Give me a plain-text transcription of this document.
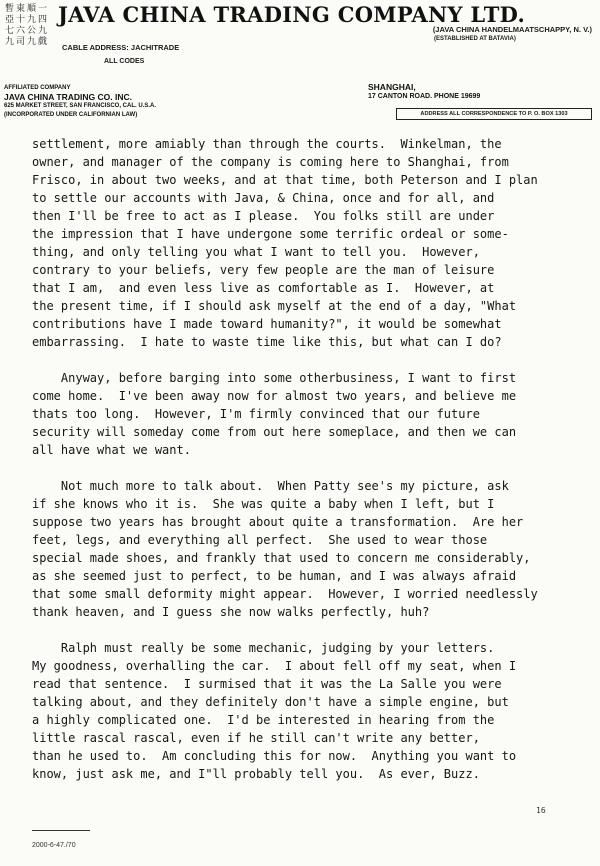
暫 東 順 一
亞 十 九 四
七 六 公 九
九 司 九 戲
JAVA CHINA TRADING COMPANY LTD.
(JAVA CHINA HANDELMAATSCHAPPY, N. V.)
(ESTABLISHED AT BATAVIA)
CABLE ADDRESS: JACHITRADE
ALL CODES
AFFILIATED COMPANY
JAVA CHINA TRADING CO. INC.
625 MARKET STREET, SAN FRANCISCO, CAL. U.S.A.
(INCORPORATED UNDER CALIFORNIAN LAW)
SHANGHAI,
17 CANTON ROAD. PHONE 19699
ADDRESS ALL CORRESPONDENCE TO P. O. BOX 1303
settlement, more amiably than through the courts.  Winkelman, the
owner, and manager of the company is coming here to Shanghai, from
Frisco, in about two weeks, and at that time, both Peterson and I plan
to settle our accounts with Java, & China, once and for all, and
then I'll be free to act as I please.  You folks still are under
the impression that I have undergone some terrific ordeal or some-
thing, and only telling you what I want to tell you.  However,
contrary to your beliefs, very few people are the man of leisure
that I am,  and even less live as comfortable as I.  However, at
the present time, if I should ask myself at the end of a day, "What
contributions have I made toward humanity?", it would be somewhat
embarrassing.  I hate to waste time like this, but what can I do?
Anyway, before barging into some otherbusiness, I want to first
come home.  I've been away now for almost two years, and believe me
thats too long.  However, I'm firmly convinced that our future
security will someday come from out here someplace, and then we can
all have what we want.
Not much more to talk about.  When Patty see's my picture, ask
if she knows who it is.  She was quite a baby when I left, but I
suppose two years has brought about quite a transformation.  Are her
feet, legs, and everything all perfect.  She used to wear those
special made shoes, and frankly that used to concern me considerably,
as she seemed just to perfect, to be human, and I was always afraid
that some small deformity might appear.  However, I worried needlessly
thank heaven, and I guess she now walks perfectly, huh?
Ralph must really be some mechanic, judging by your letters.
My goodness, overhalling the car.  I about fell off my seat, when I
read that sentence.  I surmised that it was the La Salle you were
talking about, and they definitely don't have a simple engine, but
a highly complicated one.  I'd be interested in hearing from the
little rascal rascal, even if he still can't write any better,
than he used to.  Am concluding this for now.  Anything you want to
know, just ask me, and I"ll probably tell you.  As ever, Buzz.
16
2000-6-47./70
